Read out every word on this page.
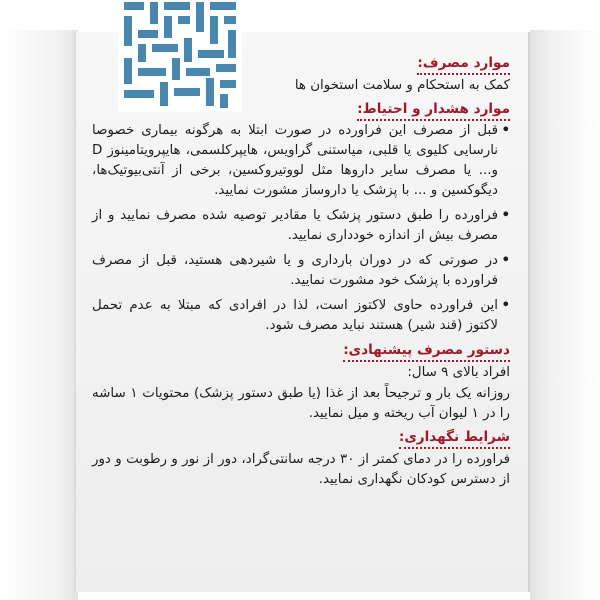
موارد مصرف:

کمک به استحکام و سلامت استخوان ها

موارد هشدار و احتیاط:
•
قبل از مصرف این فراورده در صورت ابتلا به هرگونه بیماری خصوصا نارسایی کلیوی یا قلبی، میاستنی گراویس، هایپرکلسمی، هایپرویتامینوز D و... یا مصرف سایر داروها مثل لووتیروکسین، برخی از آنتی‌بیوتیک‌ها، دیگوکسین و ... با پزشک یا داروساز مشورت نمایید.
•
فراورده را طبق دستور پزشک یا مقادیر توصیه شده مصرف نمایید و از مصرف بیش از اندازه خودداری نمایید.
•
در صورتی که در دوران بارداری و یا شیردهی هستید، قبل از مصرف فراورده با پزشک خود مشورت نمایید.
•
این فراورده حاوی لاکتوز است، لذا در افرادی که مبتلا به عدم تحمل لاکتوز (قند شیر) هستند نباید مصرف شود.
دستور مصرف پیشنهادی:

افراد بالای ۹ سال:

روزانه یک بار و ترجیحاً بعد از غذا (یا طبق دستور پزشک) محتویات ۱ ساشه را در ۱ لیوان آب ریخته و میل نمایید.

شرایط نگهداری:

فراورده را در دمای کمتر از ۳۰ درجه سانتی‌گراد، دور از نور و رطوبت و دور از دسترس کودکان نگهداری نمایید.
